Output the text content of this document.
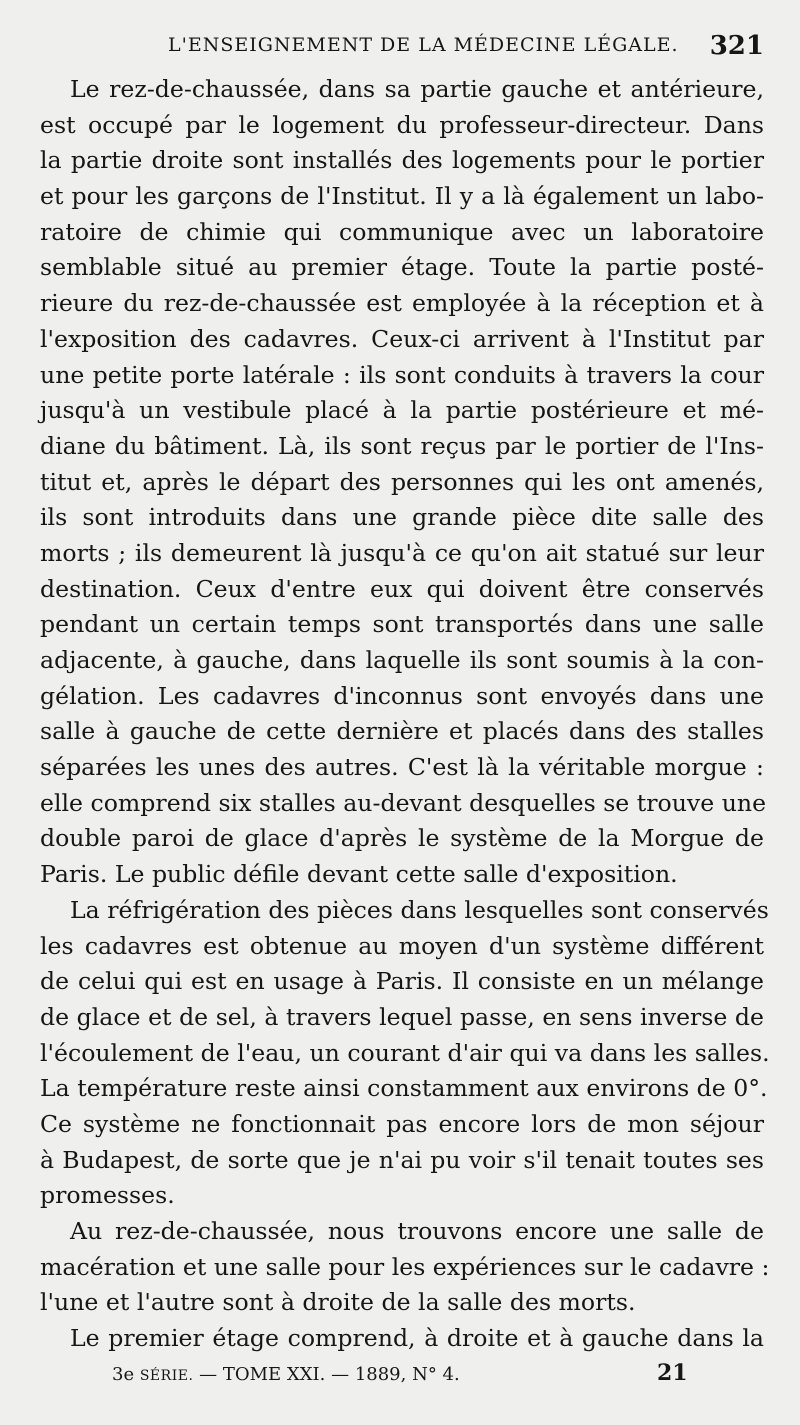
L'ENSEIGNEMENT DE LA MÉDECINE LÉGALE. 321
Le rez-de-chaussée, dans sa partie gauche et antérieure,
est occupé par le logement du professeur-directeur. Dans
la partie droite sont installés des logements pour le portier
et pour les garçons de l'Institut. Il y a là également un labo-
ratoire de chimie qui communique avec un laboratoire
semblable situé au premier étage. Toute la partie posté-
rieure du rez-de-chaussée est employée à la réception et à
l'exposition des cadavres. Ceux-ci arrivent à l'Institut par
une petite porte latérale : ils sont conduits à travers la cour
jusqu'à un vestibule placé à la partie postérieure et mé-
diane du bâtiment. Là, ils sont reçus par le portier de l'Ins-
titut et, après le départ des personnes qui les ont amenés,
ils sont introduits dans une grande pièce dite salle des
morts ; ils demeurent là jusqu'à ce qu'on ait statué sur leur
destination. Ceux d'entre eux qui doivent être conservés
pendant un certain temps sont transportés dans une salle
adjacente, à gauche, dans laquelle ils sont soumis à la con-
gélation. Les cadavres d'inconnus sont envoyés dans une
salle à gauche de cette dernière et placés dans des stalles
séparées les unes des autres. C'est là la véritable morgue :
elle comprend six stalles au-devant desquelles se trouve une
double paroi de glace d'après le système de la Morgue de
Paris. Le public défile devant cette salle d'exposition.
La réfrigération des pièces dans lesquelles sont conservés
les cadavres est obtenue au moyen d'un système différent
de celui qui est en usage à Paris. Il consiste en un mélange
de glace et de sel, à travers lequel passe, en sens inverse de
l'écoulement de l'eau, un courant d'air qui va dans les salles.
La température reste ainsi constamment aux environs de 0°.
Ce système ne fonctionnait pas encore lors de mon séjour
à Budapest, de sorte que je n'ai pu voir s'il tenait toutes ses
promesses.
Au rez-de-chaussée, nous trouvons encore une salle de
macération et une salle pour les expériences sur le cadavre :
l'une et l'autre sont à droite de la salle des morts.
Le premier étage comprend, à droite et à gauche dans la
3e SÉRIE. — TOME XXI. — 1889, N° 4.	21
